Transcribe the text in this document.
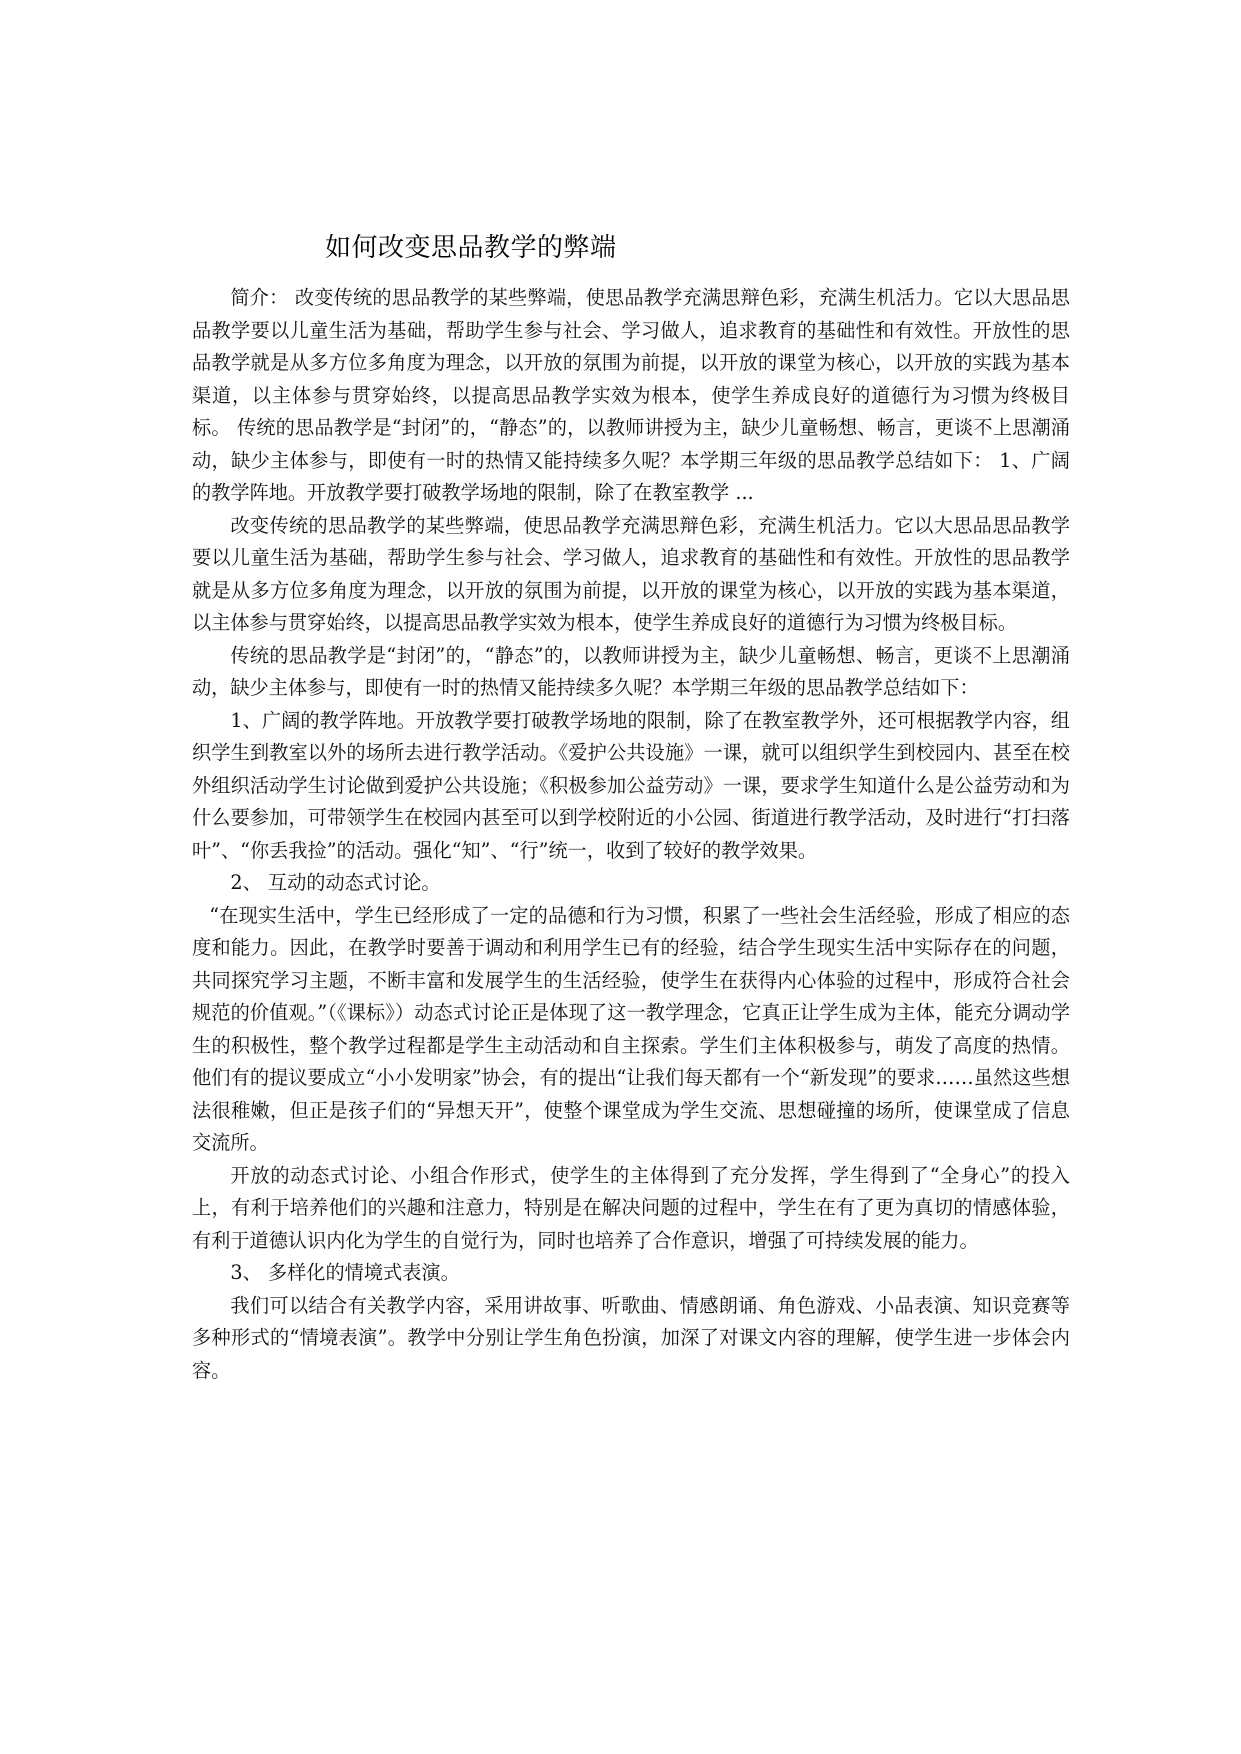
如何改变思品教学的弊端

简介： 改变传统的思品教学的某些弊端，使思品教学充满思辩色彩，充满生机活力。它以大思品思品教学要以儿童生活为基础，帮助学生参与社会、学习做人，追求教育的基础性和有效性。开放性的思品教学就是从多方位多角度为理念，以开放的氛围为前提，以开放的课堂为核心，以开放的实践为基本渠道，以主体参与贯穿始终，以提高思品教学实效为根本，使学生养成良好的道德行为习惯为终极目标。 传统的思品教学是“封闭”的，“静态”的，以教师讲授为主，缺少儿童畅想、畅言，更谈不上思潮涌动，缺少主体参与，即使有一时的热情又能持续多久呢？本学期三年级的思品教学总结如下： 1、广阔的教学阵地。开放教学要打破教学场地的限制，除了在教室教学 ...

改变传统的思品教学的某些弊端，使思品教学充满思辩色彩，充满生机活力。它以大思品思品教学要以儿童生活为基础，帮助学生参与社会、学习做人，追求教育的基础性和有效性。开放性的思品教学就是从多方位多角度为理念，以开放的氛围为前提，以开放的课堂为核心，以开放的实践为基本渠道，以主体参与贯穿始终，以提高思品教学实效为根本，使学生养成良好的道德行为习惯为终极目标。

传统的思品教学是“封闭”的，“静态”的，以教师讲授为主，缺少儿童畅想、畅言，更谈不上思潮涌动，缺少主体参与，即使有一时的热情又能持续多久呢？本学期三年级的思品教学总结如下：

1、广阔的教学阵地。开放教学要打破教学场地的限制，除了在教室教学外，还可根据教学内容，组织学生到教室以外的场所去进行教学活动。《爱护公共设施》一课，就可以组织学生到校园内、甚至在校外组织活动学生讨论做到爱护公共设施；《积极参加公益劳动》一课，要求学生知道什么是公益劳动和为什么要参加，可带领学生在校园内甚至可以到学校附近的小公园、街道进行教学活动，及时进行“打扫落叶”、“你丢我捡”的活动。强化“知”、“行”统一，收到了较好的教学效果。

2、 互动的动态式讨论。

“在现实生活中，学生已经形成了一定的品德和行为习惯，积累了一些社会生活经验，形成了相应的态度和能力。因此，在教学时要善于调动和利用学生已有的经验，结合学生现实生活中实际存在的问题，共同探究学习主题，不断丰富和发展学生的生活经验，使学生在获得内心体验的过程中，形成符合社会规范的价值观。”（《课标》）动态式讨论正是体现了这一教学理念，它真正让学生成为主体，能充分调动学生的积极性，整个教学过程都是学生主动活动和自主探索。学生们主体积极参与，萌发了高度的热情。他们有的提议要成立“小小发明家”协会，有的提出“让我们每天都有一个“新发现”的要求……虽然这些想法很稚嫩，但正是孩子们的“异想天开”，使整个课堂成为学生交流、思想碰撞的场所，使课堂成了信息交流所。

开放的动态式讨论、小组合作形式，使学生的主体得到了充分发挥，学生得到了“全身心”的投入上，有利于培养他们的兴趣和注意力，特别是在解决问题的过程中，学生在有了更为真切的情感体验，有利于道德认识内化为学生的自觉行为，同时也培养了合作意识，增强了可持续发展的能力。

3、 多样化的情境式表演。

我们可以结合有关教学内容，采用讲故事、听歌曲、情感朗诵、角色游戏、小品表演、知识竞赛等多种形式的“情境表演”。教学中分别让学生角色扮演，加深了对课文内容的理解，使学生进一步体会内容。
